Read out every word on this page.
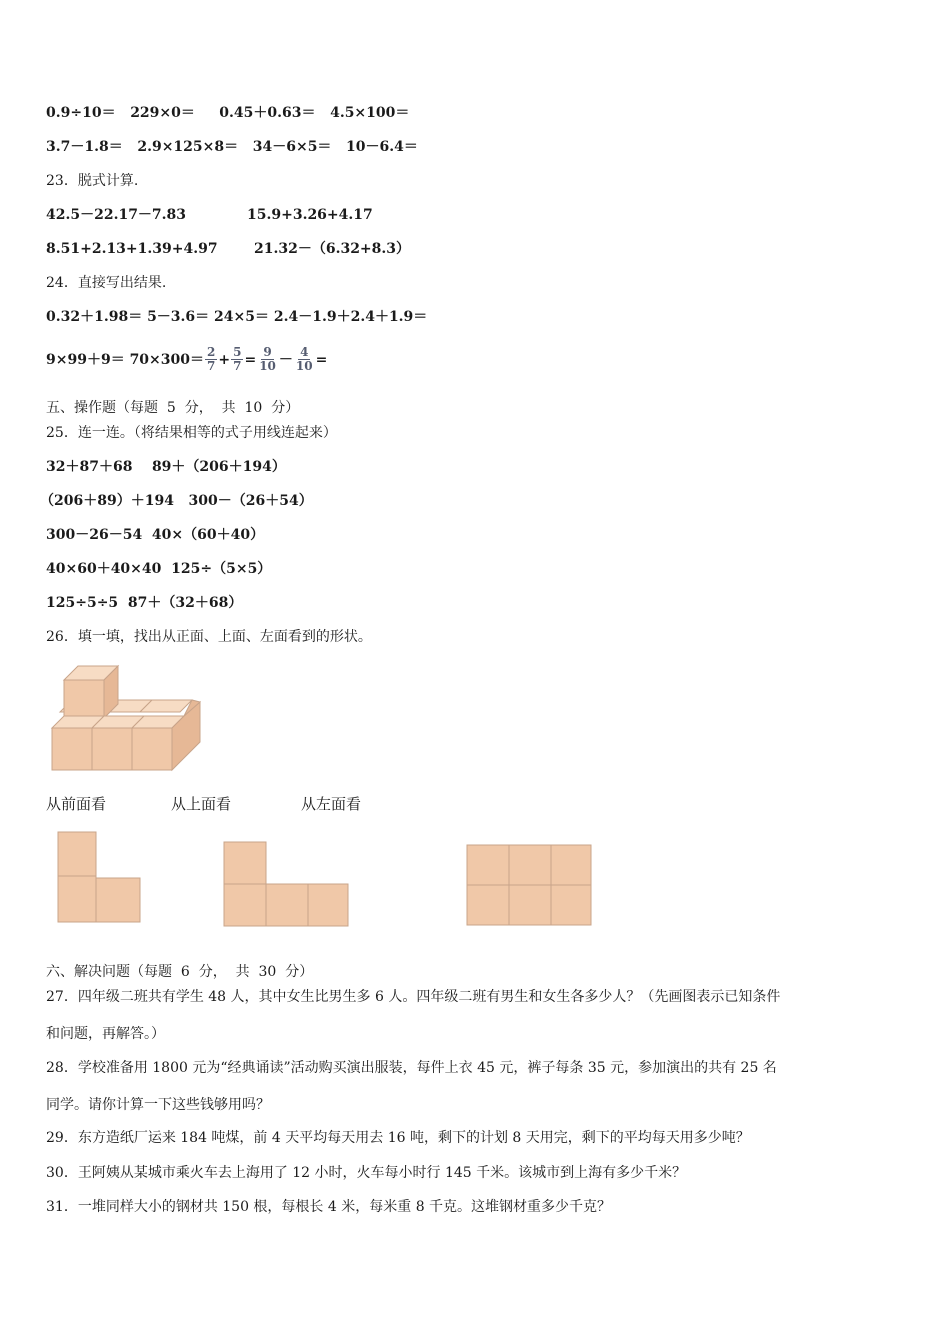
0.9÷10＝   229×0＝     0.45＋0.63＝   4.5×100＝
3.7－1.8＝   2.9×125×8＝   34－6×5＝   10－6.4＝
23．脱式计算.
42.5－22.17－7.83	15.9+3.26+4.17
8.51+2.13+1.39+4.97	21.32－（6.32+8.3）
24．直接写出结果.
0.32＋1.98＝ 5－3.6＝ 24×5＝ 2.4－1.9＋2.4＋1.9＝
$9\times 99+9= 70\times 300= \frac{2}{7} + \frac{5}{7} = \frac{9}{10} - \frac{4}{10}$ =
五、操作题（每题  5  分，  共  10  分）
25．连一连。（将结果相等的式子用线连起来）
32＋87＋68    89＋（206＋194）
（206＋89）＋194   300－（26＋54）
300－26－54  40×（60＋40）
40×60＋40×40  125÷（5×5）
125÷5÷5  87＋（32＋68）
26．填一填，找出从正面、上面、左面看到的形状。
从前面看	从上面看	从左面看
六、解决问题（每题  6  分，  共  30  分）
27．四年级二班共有学生 48 人，其中女生比男生多 6 人。四年级二班有男生和女生各多少人？（先画图表示已知条件
和问题，再解答。）
28．学校准备用 1800 元为“经典诵读”活动购买演出服装，每件上衣 45 元，裤子每条 35 元，参加演出的共有 25 名
同学。请你计算一下这些钱够用吗？
29．东方造纸厂运来 184 吨煤，前 4 天平均每天用去 16 吨，剩下的计划 8 天用完，剩下的平均每天用多少吨？
30．王阿姨从某城市乘火车去上海用了 12 小时，火车每小时行 145 千米。该城市到上海有多少千米？
31．一堆同样大小的钢材共 150 根，每根长 4 米，每米重 8 千克。这堆钢材重多少千克？
